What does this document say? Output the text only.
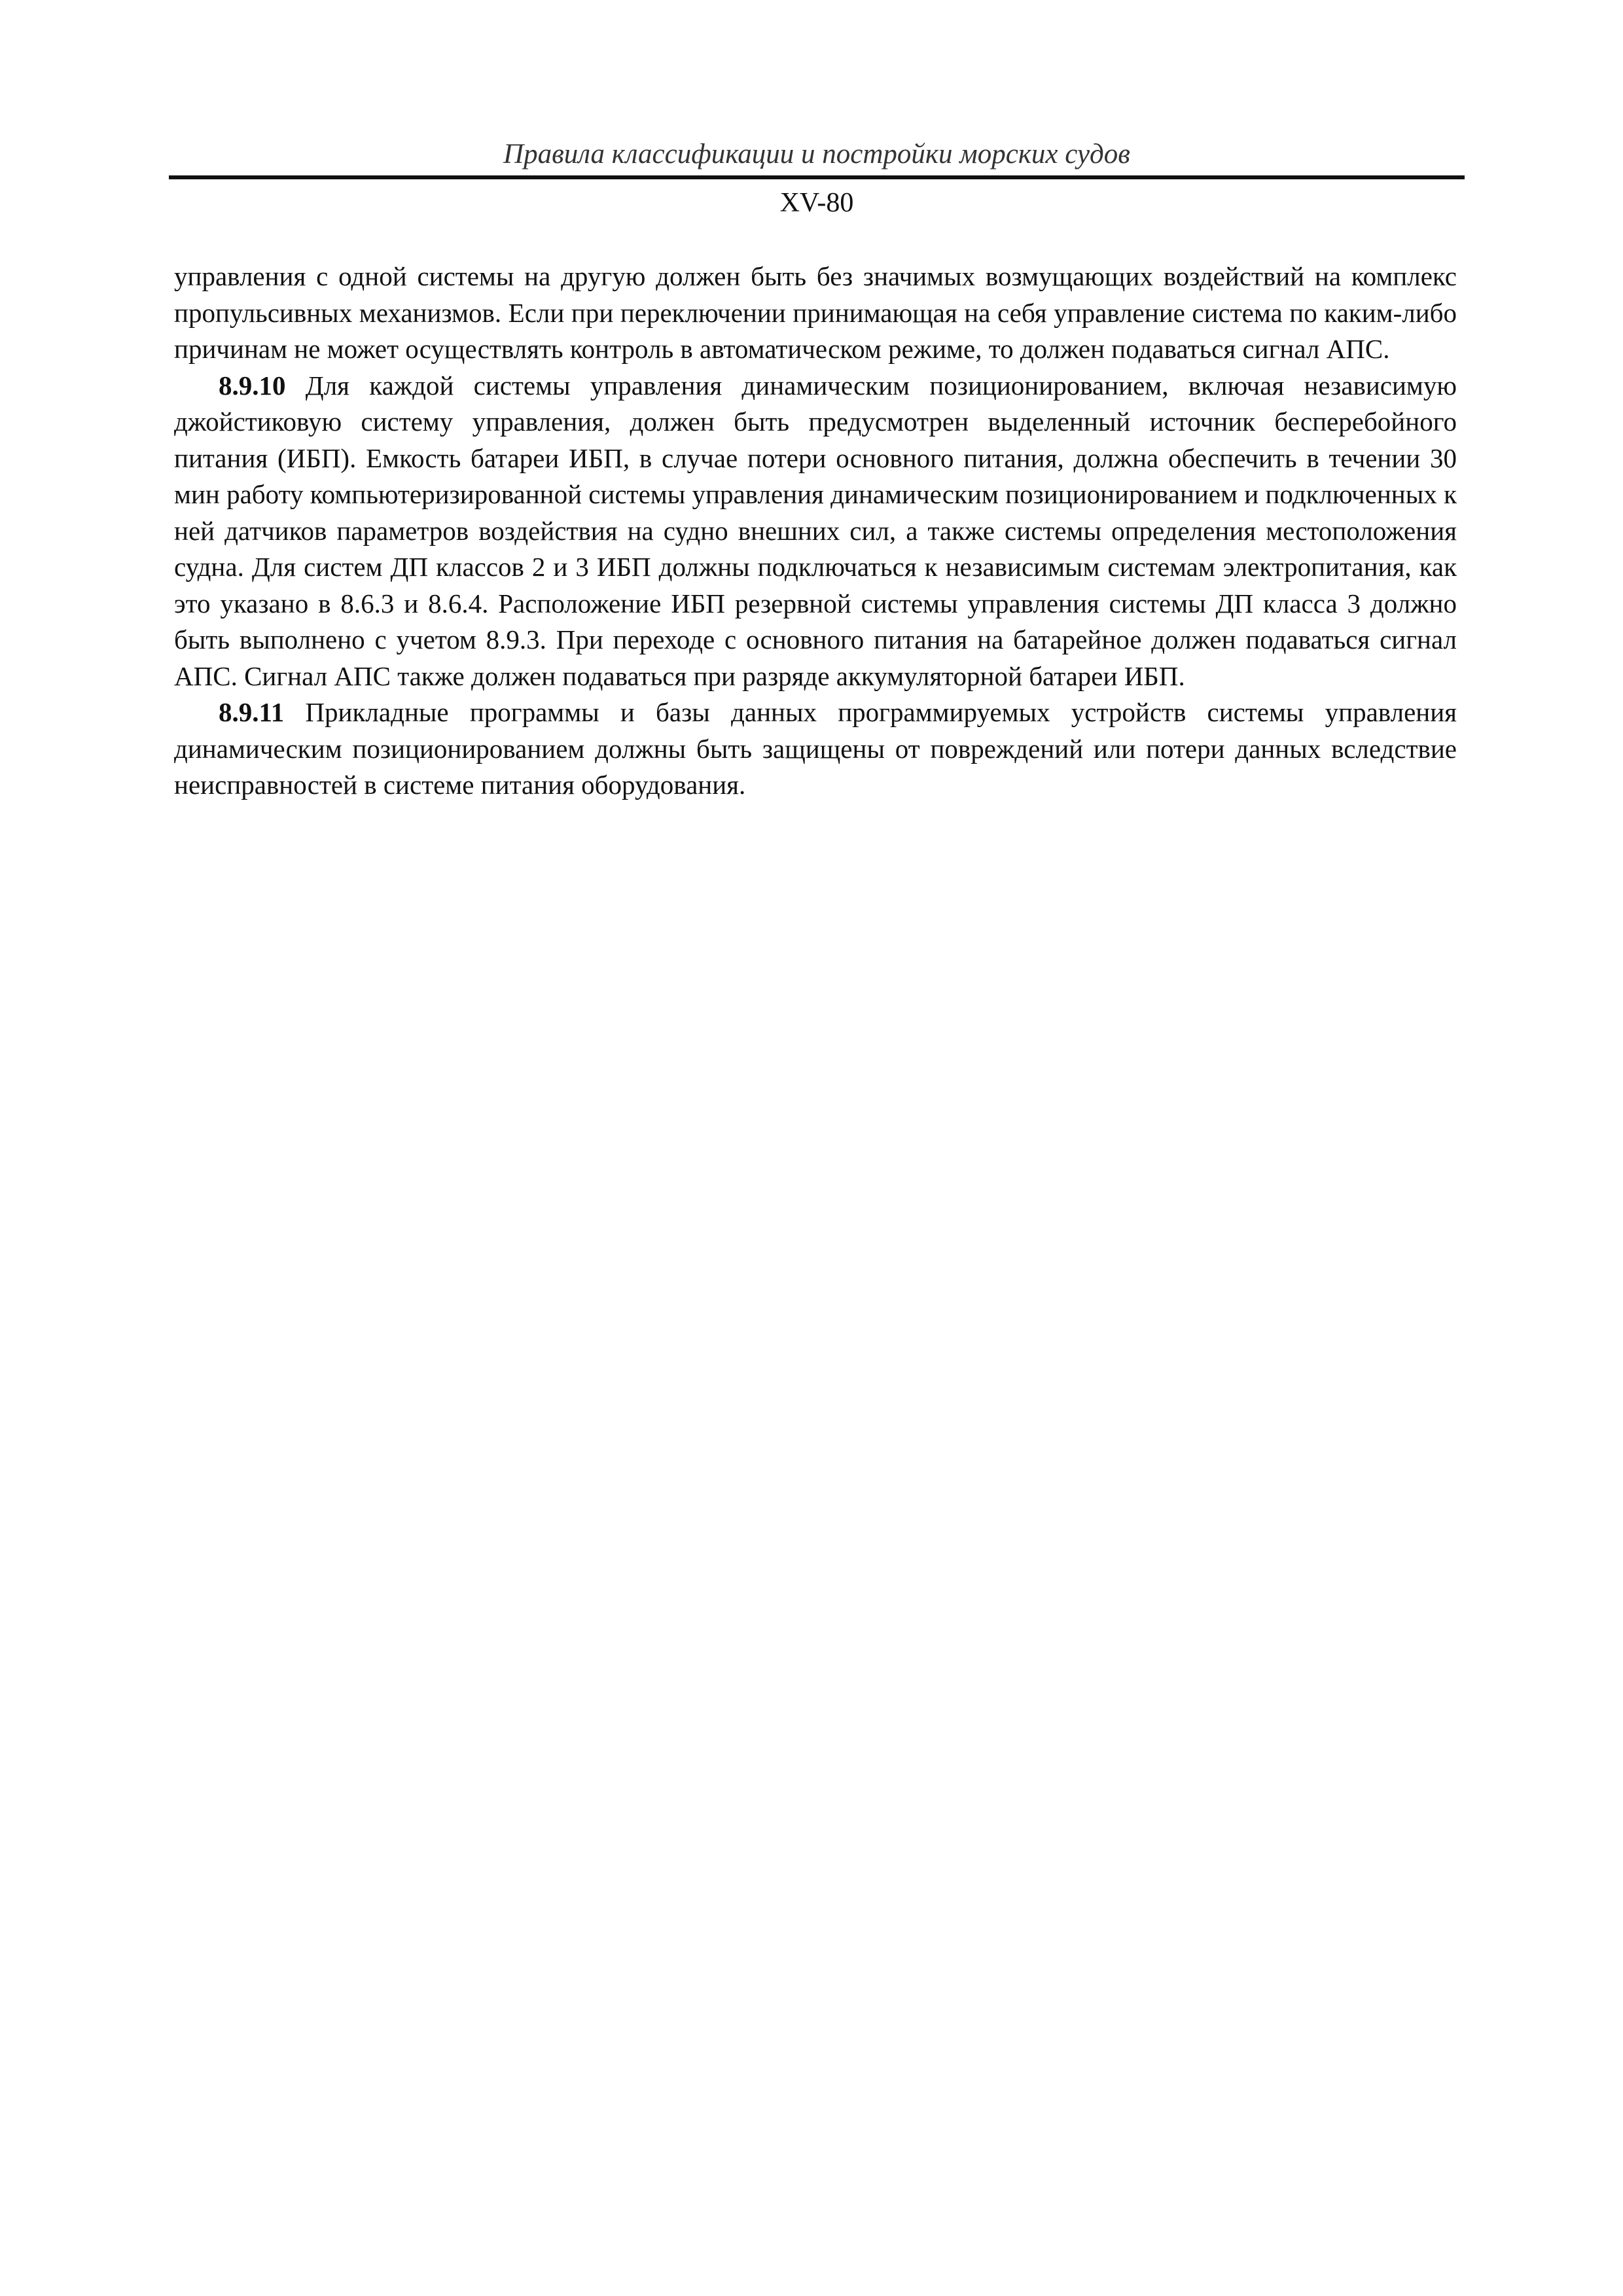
Правила классификации и постройки морских судов
XV-80

управления с одной системы на другую должен быть без значимых возмущающих воздействий на комплекс пропульсивных механизмов. Если при переключении принимающая на себя управление система по каким-либо причинам не может осуществлять контроль в автоматическом режиме, то должен подаваться сигнал АПС.

8.9.10 Для каждой системы управления динамическим позиционированием, включая независимую джойстиковую систему управления, должен быть предусмотрен выделенный источник бесперебойного питания (ИБП). Емкость батареи ИБП, в случае потери основного питания, должна обеспечить в течении 30 мин работу компьютеризированной системы управления динамическим позиционированием и подключенных к ней датчиков параметров воздействия на судно внешних сил, а также системы определения местоположения судна. Для систем ДП классов 2 и 3 ИБП должны подключаться к независимым системам электропитания, как это указано в 8.6.3 и 8.6.4. Расположение ИБП резервной системы управления системы ДП класса 3 должно быть выполнено с учетом 8.9.3. При переходе с основного питания на батарейное должен подаваться сигнал АПС. Сигнал АПС также должен подаваться при разряде аккумуляторной батареи ИБП.

8.9.11 Прикладные программы и базы данных программируемых устройств системы управления динамическим позиционированием должны быть защищены от повреждений или потери данных вследствие неисправностей в системе питания оборудования.
